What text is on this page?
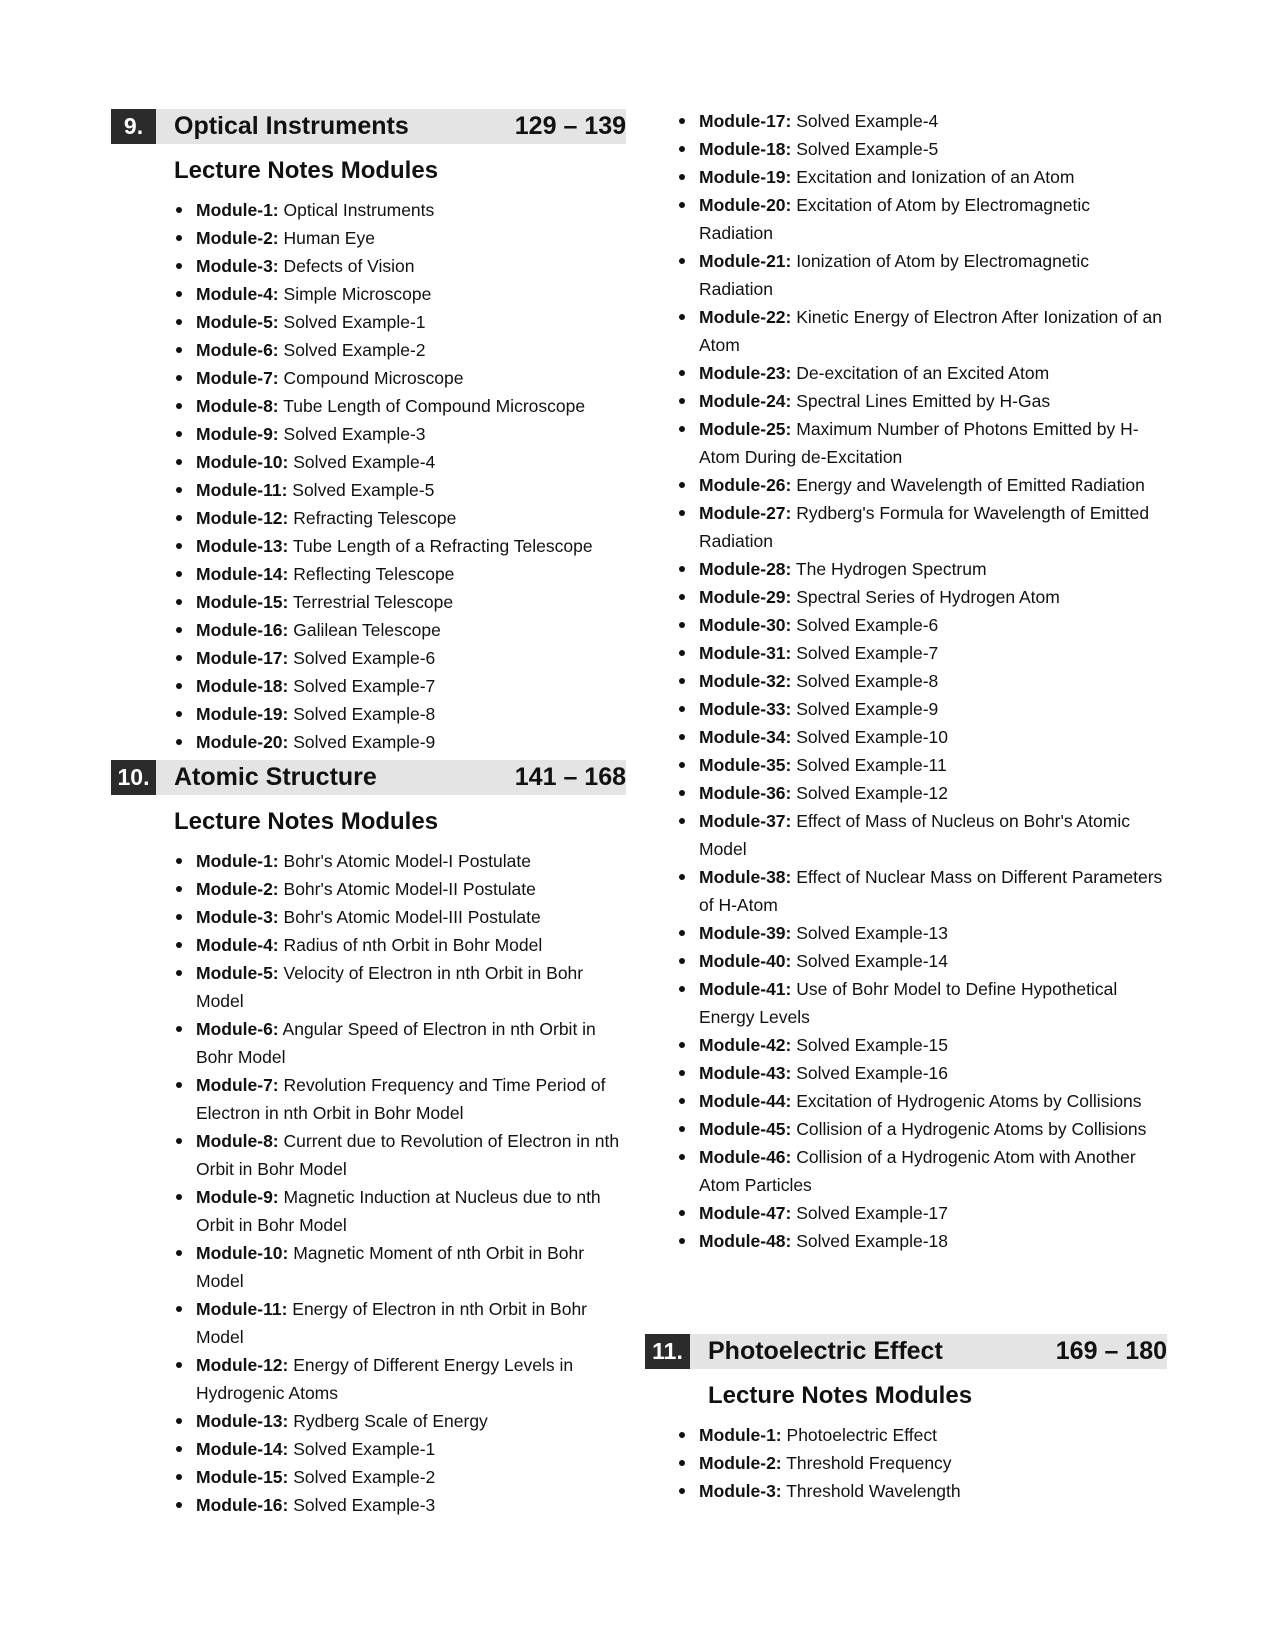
9.	Optical Instruments	129 – 139
Lecture Notes Modules
Module-1: Optical Instruments
Module-2: Human Eye
Module-3: Defects of Vision
Module-4: Simple Microscope
Module-5: Solved Example-1
Module-6: Solved Example-2
Module-7: Compound Microscope
Module-8: Tube Length of Compound Microscope
Module-9: Solved Example-3
Module-10: Solved Example-4
Module-11: Solved Example-5
Module-12: Refracting Telescope
Module-13: Tube Length of a Refracting Telescope
Module-14: Reflecting Telescope
Module-15: Terrestrial Telescope
Module-16: Galilean Telescope
Module-17: Solved Example-6
Module-18: Solved Example-7
Module-19: Solved Example-8
Module-20: Solved Example-9
10. Atomic Structure	141 – 168
Lecture Notes Modules
Module-1: Bohr's Atomic Model-I Postulate
Module-2: Bohr's Atomic Model-II Postulate
Module-3: Bohr's Atomic Model-III Postulate
Module-4: Radius of nth Orbit in Bohr Model
Module-5: Velocity of Electron in nth Orbit in Bohr Model
Module-6: Angular Speed of Electron in nth Orbit in Bohr Model
Module-7: Revolution Frequency and Time Period of Electron in nth Orbit in Bohr Model
Module-8: Current due to Revolution of Electron in nth Orbit in Bohr Model
Module-9: Magnetic Induction at Nucleus due to nth Orbit in Bohr Model
Module-10: Magnetic Moment of nth Orbit in Bohr Model
Module-11: Energy of Electron in nth Orbit in Bohr Model
Module-12: Energy of Different Energy Levels in Hydrogenic Atoms
Module-13: Rydberg Scale of Energy
Module-14: Solved Example-1
Module-15: Solved Example-2
Module-16: Solved Example-3
Module-17: Solved Example-4
Module-18: Solved Example-5
Module-19: Excitation and Ionization of an Atom
Module-20: Excitation of Atom by Electromagnetic Radiation
Module-21: Ionization of Atom by Electromagnetic Radiation
Module-22: Kinetic Energy of Electron After Ionization of an Atom
Module-23: De-excitation of an Excited Atom
Module-24: Spectral Lines Emitted by H-Gas
Module-25: Maximum Number of Photons Emitted by H-Atom During de-Excitation
Module-26: Energy and Wavelength of Emitted Radiation
Module-27: Rydberg's Formula for Wavelength of Emitted Radiation
Module-28: The Hydrogen Spectrum
Module-29: Spectral Series of Hydrogen Atom
Module-30: Solved Example-6
Module-31: Solved Example-7
Module-32: Solved Example-8
Module-33: Solved Example-9
Module-34: Solved Example-10
Module-35: Solved Example-11
Module-36: Solved Example-12
Module-37: Effect of Mass of Nucleus on Bohr's Atomic Model
Module-38: Effect of Nuclear Mass on Different Parameters of H-Atom
Module-39: Solved Example-13
Module-40: Solved Example-14
Module-41: Use of Bohr Model to Define Hypothetical Energy Levels
Module-42: Solved Example-15
Module-43: Solved Example-16
Module-44: Excitation of Hydrogenic Atoms by Collisions
Module-45: Collision of a Hydrogenic Atoms by Collisions
Module-46: Collision of a Hydrogenic Atom with Another Atom Particles
Module-47: Solved Example-17
Module-48: Solved Example-18
11. Photoelectric Effect	169 – 180
Lecture Notes Modules
Module-1: Photoelectric Effect
Module-2: Threshold Frequency
Module-3: Threshold Wavelength
